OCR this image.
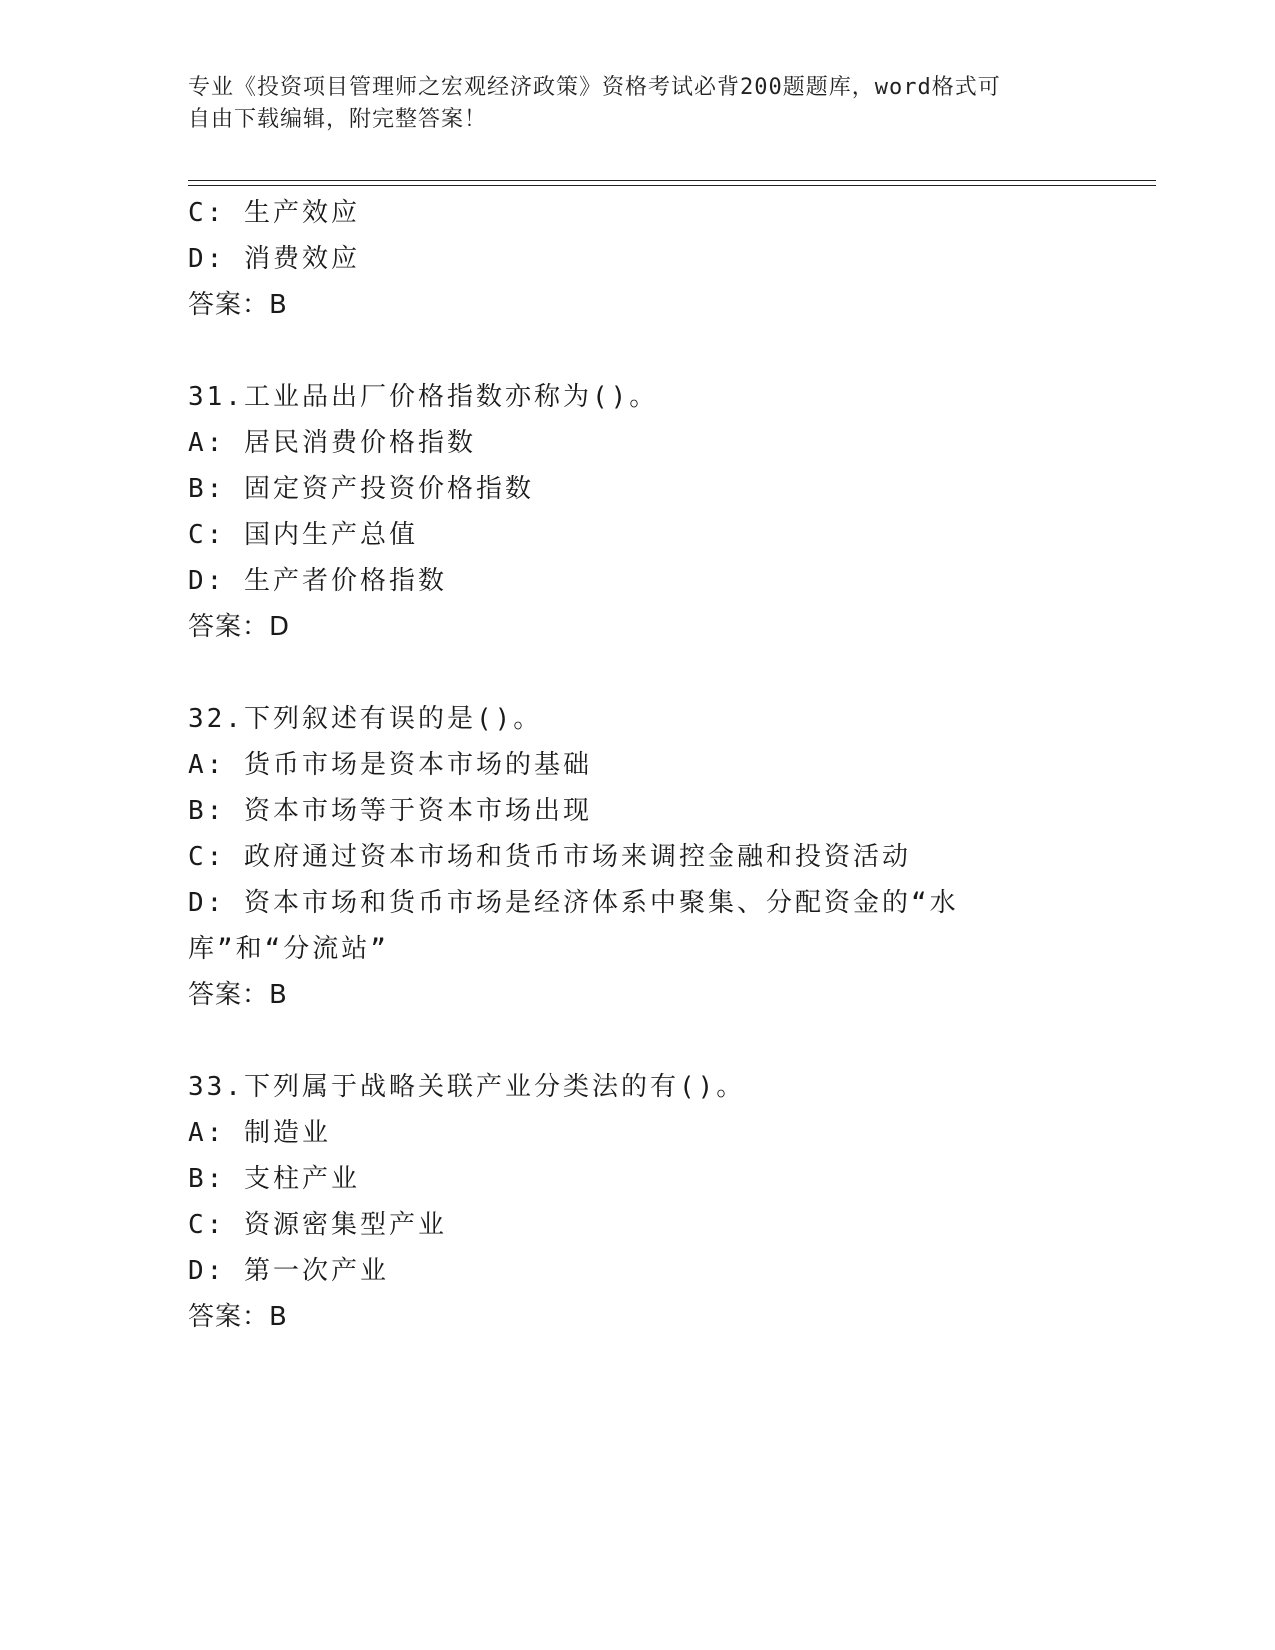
专业《投资项目管理师之宏观经济政策》资格考试必背200题题库，word格式可
自由下载编辑，附完整答案！
C: 生产效应
D: 消费效应
答案：B
31.工业品出厂价格指数亦称为()。
A: 居民消费价格指数
B: 固定资产投资价格指数
C: 国内生产总值
D: 生产者价格指数
答案：D
32.下列叙述有误的是()。
A: 货币市场是资本市场的基础
B: 资本市场等于资本市场出现
C: 政府通过资本市场和货币市场来调控金融和投资活动
D: 资本市场和货币市场是经济体系中聚集、分配资金的“水库”和“分流站”
答案：B
33.下列属于战略关联产业分类法的有()。
A: 制造业
B: 支柱产业
C: 资源密集型产业
D: 第一次产业
答案：B
